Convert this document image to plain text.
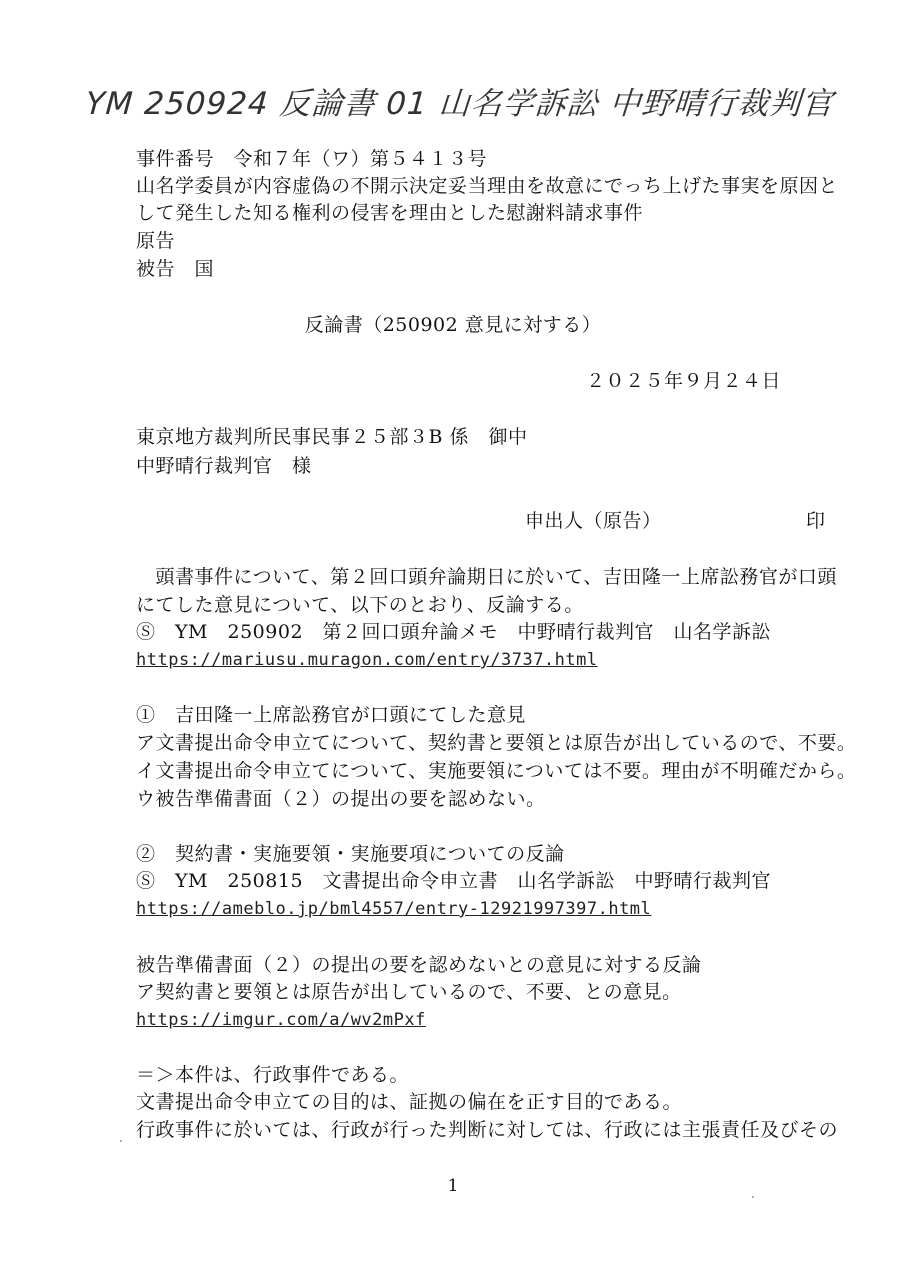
YM 250924 反論書 01 山名学訴訟 中野晴行裁判官
事件番号　令和７年（ワ）第５４１３号
山名学委員が内容虚偽の不開示決定妥当理由を故意にでっち上げた事実を原因と
して発生した知る権利の侵害を理由とした慰謝料請求事件
原告
被告　国
反論書（250902 意見に対する）
２０２５年９月２４日
東京地方裁判所民事民事２５部３B 係　御中
中野晴行裁判官　様
申出人（原告）	印
　頭書事件について、第２回口頭弁論期日に於いて、吉田隆一上席訟務官が口頭
にてした意見について、以下のとおり、反論する。
Ⓢ　YM　250902　第２回口頭弁論メモ　中野晴行裁判官　山名学訴訟
https://mariusu.muragon.com/entry/3737.html
①　吉田隆一上席訟務官が口頭にてした意見
ア文書提出命令申立てについて、契約書と要領とは原告が出しているので、不要。
イ文書提出命令申立てについて、実施要領については不要。理由が不明確だから。
ウ被告準備書面（２）の提出の要を認めない。
②　契約書・実施要領・実施要項についての反論
Ⓢ　YM　250815　文書提出命令申立書　山名学訴訟　中野晴行裁判官
https://ameblo.jp/bml4557/entry-12921997397.html
被告準備書面（２）の提出の要を認めないとの意見に対する反論
ア契約書と要領とは原告が出しているので、不要、との意見。
https://imgur.com/a/wv2mPxf
＝＞本件は、行政事件である。
文書提出命令申立ての目的は、証拠の偏在を正す目的である。
行政事件に於いては、行政が行った判断に対しては、行政には主張責任及びその
1
